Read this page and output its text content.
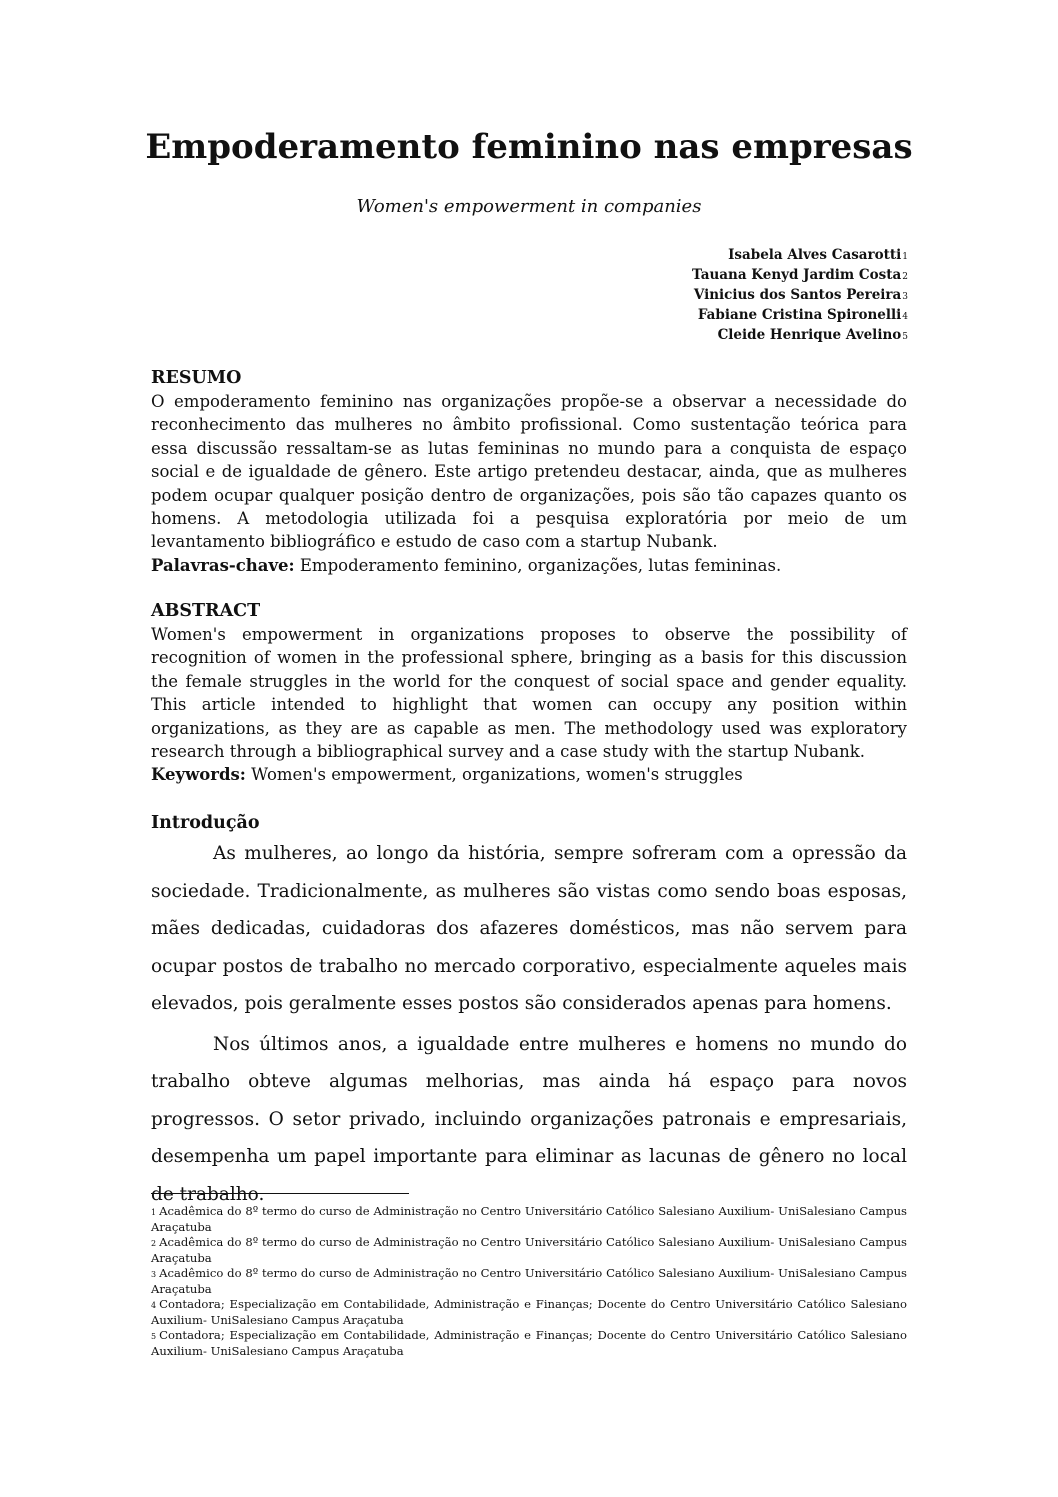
Empoderamento feminino nas empresas

Women's empowerment in companies

Isabela Alves Casarotti$^1$
Tauana Kenyd Jardim Costa$^2$
Vinicius dos Santos Pereira$^3$
Fabiane Cristina Spironelli$^4$
Cleide Henrique Avelino$^5$
RESUMO

O empoderamento feminino nas organizações propõe-se a observar a necessidade do reconhecimento das mulheres no âmbito profissional. Como sustentação teórica para essa discussão ressaltam-se as lutas femininas no mundo para a conquista de espaço social e de igualdade de gênero. Este artigo pretendeu destacar, ainda, que as mulheres podem ocupar qualquer posição dentro de organizações, pois são tão capazes quanto os homens. A metodologia utilizada foi a pesquisa exploratória por meio de um levantamento bibliográfico e estudo de caso com a startup Nubank.

Palavras-chave: Empoderamento feminino, organizações, lutas femininas.

ABSTRACT

Women's empowerment in organizations proposes to observe the possibility of recognition of women in the professional sphere, bringing as a basis for this discussion the female struggles in the world for the conquest of social space and gender equality. This article intended to highlight that women can occupy any position within organizations, as they are as capable as men. The methodology used was exploratory research through a bibliographical survey and a case study with the startup Nubank.

Keywords: Women's empowerment, organizations, women's struggles

Introdução

As mulheres, ao longo da história, sempre sofreram com a opressão da sociedade. Tradicionalmente, as mulheres são vistas como sendo boas esposas, mães dedicadas, cuidadoras dos afazeres domésticos, mas não servem para ocupar postos de trabalho no mercado corporativo, especialmente aqueles mais elevados, pois geralmente esses postos são considerados apenas para homens.

Nos últimos anos, a igualdade entre mulheres e homens no mundo do trabalho obteve algumas melhorias, mas ainda há espaço para novos progressos. O setor privado, incluindo organizações patronais e empresariais, desempenha um papel importante para eliminar as lacunas de gênero no local de trabalho.

$^1$ Acadêmica do 8º termo do curso de Administração no Centro Universitário Católico Salesiano Auxilium- UniSalesiano Campus Araçatuba

$^2$ Acadêmica do 8º termo do curso de Administração no Centro Universitário Católico Salesiano Auxilium- UniSalesiano Campus Araçatuba

$^3$ Acadêmico do 8º termo do curso de Administração no Centro Universitário Católico Salesiano Auxilium- UniSalesiano Campus Araçatuba

$^4$ Contadora; Especialização em Contabilidade, Administração e Finanças; Docente do Centro Universitário Católico Salesiano Auxilium- UniSalesiano Campus Araçatuba

$^5$ Contadora; Especialização em Contabilidade, Administração e Finanças; Docente do Centro Universitário Católico Salesiano Auxilium- UniSalesiano Campus Araçatuba
